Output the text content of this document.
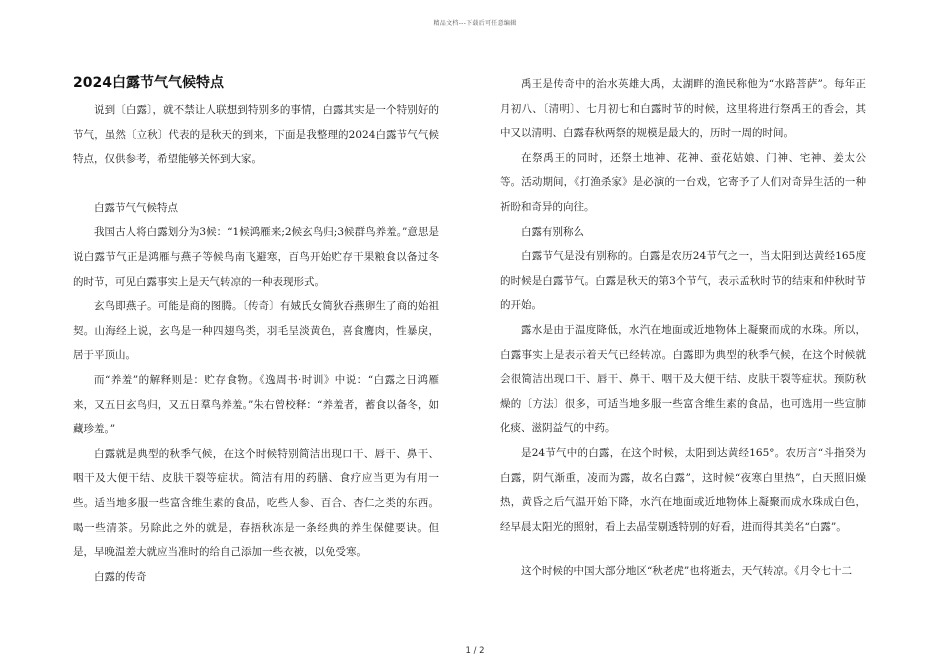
精品文档---下载后可任意编辑
2024白露节气气候特点

说到〔白露〕，就不禁让人联想到特别多的事情，白露其实是一个特别好的节气，虽然〔立秋〕代表的是秋天的到来，下面是我整理的2024白露节气气候特点，仅供参考，希望能够关怀到大家。

白露节气气候特点

我国古人将白露划分为3候：“1候鸿雁来;2候玄鸟归;3候群鸟养羞。”意思是说白露节气正是鸿雁与燕子等候鸟南飞避寒，百鸟开始贮存干果粮食以备过冬的时节，可见白露事实上是天气转凉的一种表现形式。

玄鸟即燕子。可能是商的图腾。〔传奇〕有娀氏女简狄吞燕卵生了商的始祖契。山海经上说，玄鸟是一种四翅鸟类，羽毛呈淡黄色，喜食鹰肉，性暴戾，居于平顶山。

而“养羞”的解释则是：贮存食物。《逸周书·时训》中说：“白露之日鸿雁来，又五日玄鸟归，又五日羣鸟养羞。”朱右曾校释：“养羞者，蓄食以备冬，如藏珍羞。”

白露就是典型的秋季气候，在这个时候特别简洁出现口干、唇干、鼻干、咽干及大便干结、皮肤干裂等症状。简洁有用的药膳、食疗应当更为有用一些。适当地多服一些富含维生素的食品，吃些人参、百合、杏仁之类的东西。喝一些清茶。另除此之外的就是，春捂秋冻是一条经典的养生保健要诀。但是，早晚温差大就应当准时的给自己添加一些衣被，以免受寒。

白露的传奇

禹王是传奇中的治水英雄大禹，太湖畔的渔民称他为“水路菩萨”。每年正月初八、〔清明〕、七月初七和白露时节的时候，这里将进行祭禹王的香会，其中又以清明、白露春秋两祭的规模是最大的，历时一周的时间。

在祭禹王的同时，还祭土地神、花神、蚕花姑娘、门神、宅神、姜太公等。活动期间，《打渔杀家》是必演的一台戏，它寄予了人们对奇异生活的一种祈盼和奇异的向往。

白露有别称么

白露节气是没有别称的。白露是农历24节气之一，当太阳到达黄经165度的时候是白露节气。白露是秋天的第3个节气，表示孟秋时节的结束和仲秋时节的开始。

露水是由于温度降低，水汽在地面或近地物体上凝聚而成的水珠。所以，白露事实上是表示着天气已经转凉。白露即为典型的秋季气候，在这个时候就会很简洁出现口干、唇干、鼻干、咽干及大便干结、皮肤干裂等症状。预防秋燥的〔方法〕很多，可适当地多服一些富含维生素的食品，也可选用一些宣肺化痰、滋阴益气的中药。

是24节气中的白露，在这个时候，太阳到达黄经165°。农历言“斗指癸为白露，阴气渐重，凌而为露，故名白露”，这时候“夜寒白里热”，白天照旧燥热，黄昏之后气温开始下降，水汽在地面或近地物体上凝聚而成水珠成白色，经早晨太阳光的照射，看上去晶莹剔透特别的好看，进而得其美名“白露”。

这个时候的中国大部分地区“秋老虎”也将逝去，天气转凉。《月令七十二

1 / 2
